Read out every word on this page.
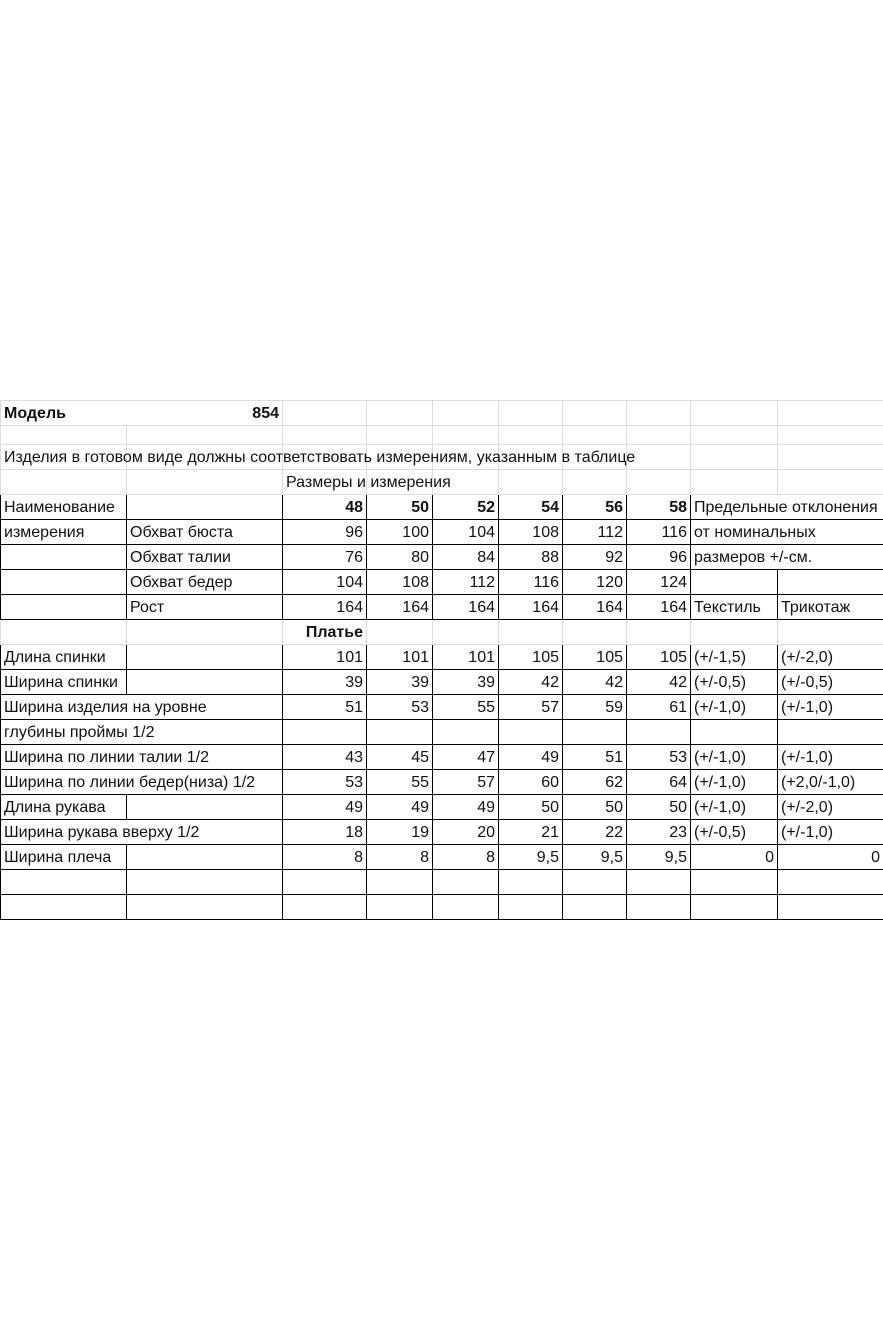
Модель	854								

Изделия в готовом виде должны соответствовать измерениям, указанным в таблице									
		Размеры и измерения							
Наименование		48	50	52	54	56	58	Предельные отклонения	
измерения	Обхват бюста	96	100	104	108	112	116	от номинальных	
	Обхват талии	76	80	84	88	92	96	размеров +/-см.	
	Обхват бедер	104	108	112	116	120	124		
	Рост	164	164	164	164	164	164	Текстиль	Трикотаж
		Платье							
Длина спинки		101	101	101	105	105	105	(+/-1,5)	(+/-2,0)
Ширина спинки		39	39	39	42	42	42	(+/-0,5)	(+/-0,5)
Ширина изделия на уровне		51	53	55	57	59	61	(+/-1,0)	(+/-1,0)
глубины проймы 1/2									
Ширина по линии талии 1/2		43	45	47	49	51	53	(+/-1,0)	(+/-1,0)
Ширина по линии бедер(низа) 1/2		53	55	57	60	62	64	(+/-1,0)	(+2,0/-1,0)
Длина рукава		49	49	49	50	50	50	(+/-1,0)	(+/-2,0)
Ширина рукава вверху 1/2		18	19	20	21	22	23	(+/-0,5)	(+/-1,0)
Ширина плеча		8	8	8	9,5	9,5	9,5	0	0
